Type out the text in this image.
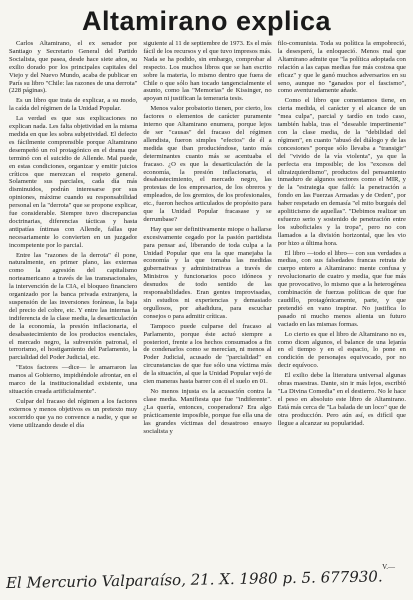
Altamirano explica

Carlos Altamirano, el ex senador por Santiago y Secretario General del Partido Socialista, que pasea, desde hace siete años, su exilio dorado por los principales capitales del Viejo y del Nuevo Mundo, acaba de publicar en París su libro "Chile: las razones de una derrota" (228 páginas).

Es un libro que trata de explicar, a su modo, la caída del régimen de la Unidad Popular.

La verdad es que sus explicaciones no explican nada. Les falta objetividad en la misma medida en que les sobra subjetividad. El defecto es fácilmente comprensible porque Altamirano desempeñó un rol protagónico en el drama que terminó con el suicidio de Allende. Mal puede, en estas condiciones, organizar y emitir juicios críticos que merezcan el respeto general. Solamente sus parciales, cada día más disminuidos, podrán interesarse por sus opiniones, máxime cuando su responsabilidad personal en la "derrota" que se propone explicar, fue considerable. Siempre tuvo discrepancias doctrinarias, diferencias tácticas y hasta antipatías íntimas con Allende, fallas que necesariamente lo convierten en un juzgador incompetente por lo parcial.

Entre las "razones de la derrota" él pone, naturalmente, en primer plano, las externas como la agresión del capitalismo norteamericano a través de las transnacionales, la intervención de la CIA, el bloqueo financiero organizado por la banca privada extranjera, la suspensión de las inversiones foráneas, la baja del precio del cobre, etc. Y entre las internas la indiferencia de la clase media, la desarticulación de la economía, la presión inflacionaria, el desabastecimiento de los productos esenciales, el mercado negro, la subversión patronal, el terrorismo, el hostigamiento del Parlamento, la parcialidad del Poder Judicial, etc.

"Estos factores —dice— le amarraron las manos al Gobierno, impidiéndole afrontar, en el marco de la institucionalidad existente, una situación creada artificialmente".

Culpar del fracaso del régimen a los factores externos y menos objetivos es un pretexto muy socorrido que ya no convence a nadie, y que se viene utilizando desde el día

siguiente al 11 de septiembre de 1973. Es el más fácil de los recursos y el que tuvo impresos más. Nada se ha podido, sin embargo, comprobar al respecto. Los muchos libros que se han escrito sobre la materia, lo mismo dentro que fuera de Chile o que sólo han tocado tangencialmente el asunto, como las "Memorias" de Kissinger, no apoyan ni justifican la temeraria tesis.

Menos valor probatorio tienen, por cierto, los factores o elementos de carácter puramente interno que Altamirano enumera, porque lejos de ser "causas" del fracaso del régimen allendista, fueron simples "efectos" de él a medida que iban produciéndose, tanto más determinantes cuanto más se acentuaba el fracaso. ¿O es que la desarticulación de la economía, la presión inflacionaria, el desabastecimiento, el mercado negro, las protestas de los empresarios, de los obreros y empleados, de los gremios, de los profesionales, etc., fueron hechos articulados de propósito para que la Unidad Popular fracasase y se derrumbase?

Hay que ser definitivamente miope o hallarse excesivamente cegado por la pasión partidista para pensar así, liberando de toda culpa a la Unidad Popular que era la que manejaba la economía y la que tomaba las medidas gubernativas y administrativas a través de Ministros y funcionarios poco idóneos y desnudos de todo sentido de las responsabilidades. Eran gentes improvisadas, sin estudios ni experiencias y demasiado orgullosos, por añadidura, para escuchar consejos o para admitir críticas.

Tampoco puede culparse del fracaso al Parlamento, porque éste actuó siempre a posteriori, frente a los hechos consumados a fin de condenarlos como se merecían, ni menos al Poder Judicial, acusado de "parcialidad" en circunstancias de que fue sólo una víctima más de la situación, al que la Unidad Popular vejó de cien maneras hasta barrer con él el suelo en 01.

No menos injusta es la acusación contra la clase media. Manifiesta que fue "indiferente". ¿La quería, entonces, cooperadora? Era algo prácticamente imposible, porque fue ella una de las grandes víctimas del desastroso ensayo socialista y

filo-comunista. Toda su política la empobreció, la desesperó, la enloqueció. Menos mal que Altamirano admite que "la política adoptada con relación a las capas medias fue más costosa que eficaz" y que le ganó muchos adversarios en su seno, aunque no "ganados por el fascismo", como aventuradamente añade.

Como el libro que comentamos tiene, en cierta medida, el carácter y el alcance de un "mea culpa", parcial y tardío en todo caso, también habla, tras el "deseable impertinente" con la clase media, de la "debilidad del régimen", en cuanto "abusó del diálogo y de las concesiones" porque sólo llevaba a "transigir" del "vivido de la vía violenta", ya que la perfecta era imposible; de los "excesos del ultraizquierdismo", productos del pensamiento inmaduro de algunos sectores como el MIR, y de la "estrategia que falló: la penetración a fondo en las Fuerzas Armadas y de Orden", por haber respetado en demasía "el mito burgués del apoliticismo de aquellas". "Debimos realizar un esfuerzo serio y sostenido de penetración entre los suboficiales y la tropa", pero no con llamados a la división horizontal, que les vio por hizo a última hora.

El libro —todo el libro— con sus verdades a medias, con sus falsedades francas retrata de cuerpo entero a Altamirano: mente confusa y revolucionario de cuatro y media, que fue más que provocativo, lo mismo que a la heterogénea combinación de fuerzas políticas de que fue caudillo, protagónicamente, parte, y que pretendió en vano inspirar. No justifica lo pasado ni mucho menos alienta un futuro vaciado en las mismas formas.

Lo cierto es que el libro de Altamirano no es, como dicen algunos, el balance de una lejanía en el tiempo y en el espacio, lo pone en condición de personajes equivocado, por no decir equívoco.

El exilio debe la literatura universal algunas obras maestras. Dante, sin ir más lejos, escribió "La Divina Comedia" en el destierro. No le hace el peso en absoluto este libro de Altamirano. Está más cerca de "La balada de un loco" que de otra producción. Pero aún así, es difícil que llegue a alcanzar su popularidad.

V.—
El Mercurio Valparaíso, 21. X. 1980 p. 5. 677930.
